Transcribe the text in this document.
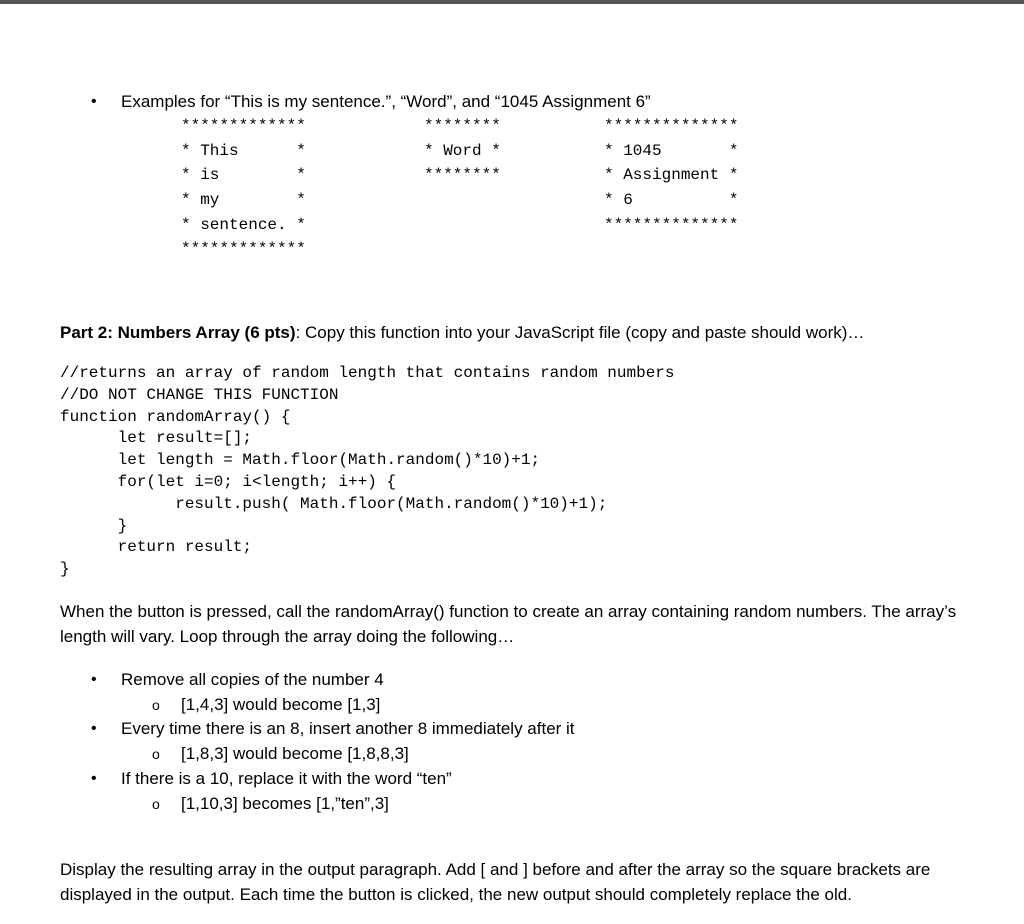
• Examples for “This is my sentence.”, “Word”, and “1045 Assignment 6”
*************
* This      *
* is        *
* my        *
* sentence. *
*************
********
* Word *
********
**************
* 1045       *
* Assignment *
* 6          *
**************
Part 2: Numbers Array (6 pts): Copy this function into your JavaScript file (copy and paste should work)…
//returns an array of random length that contains random numbers
//DO NOT CHANGE THIS FUNCTION
function randomArray() {
let result=[];
let length = Math.floor(Math.random()*10)+1;
for(let i=0; i<length; i++) {
result.push( Math.floor(Math.random()*10)+1);
}
return result;
}

When the button is pressed, call the randomArray() function to create an array containing random numbers. The array’s length will vary. Loop through the array doing the following…

• Remove all copies of the number 4
o [1,4,3] would become [1,3]
• Every time there is an 8, insert another 8 immediately after it
o [1,8,3] would become [1,8,8,3]
• If there is a 10, replace it with the word “ten”
o [1,10,3] becomes [1,”ten”,3]

Display the resulting array in the output paragraph. Add [ and ] before and after the array so the square brackets are displayed in the output. Each time the button is clicked, the new output should completely replace the old.
